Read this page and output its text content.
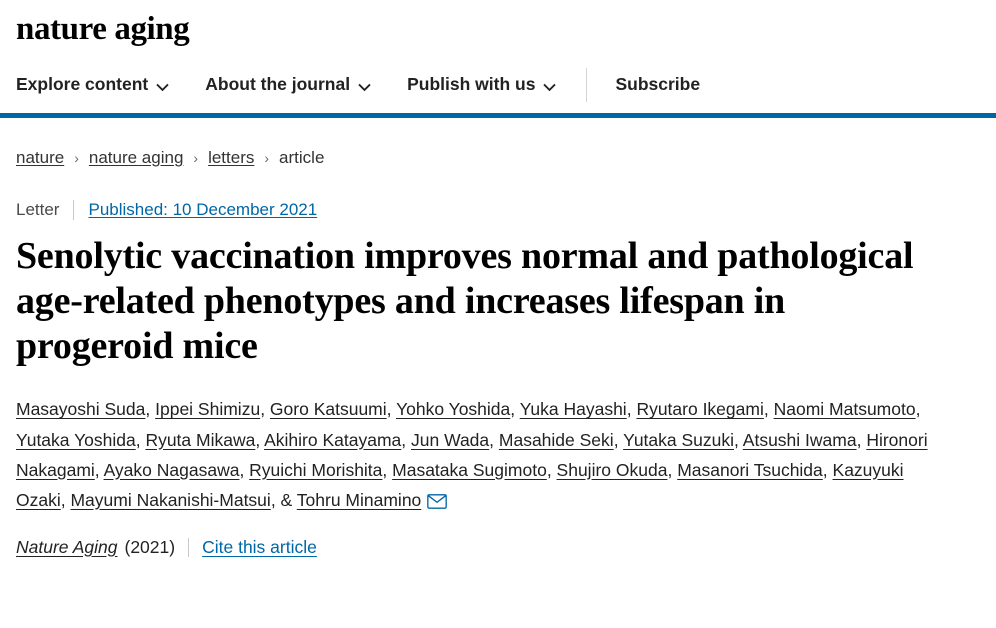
nature aging
Explore content	About the journal	Publish with us	Subscribe
nature › nature aging › letters › article
Letter Published: 10 December 2021
Senolytic vaccination improves normal and pathological age-related phenotypes and increases lifespan in progeroid mice
Masayoshi Suda, Ippei Shimizu, Goro Katsuumi, Yohko Yoshida, Yuka Hayashi, Ryutaro Ikegami, Naomi Matsumoto, Yutaka Yoshida, Ryuta Mikawa, Akihiro Katayama, Jun Wada, Masahide Seki, Yutaka Suzuki, Atsushi Iwama, Hironori Nakagami, Ayako Nagasawa, Ryuichi Morishita, Masataka Sugimoto, Shujiro Okuda, Masanori Tsuchida, Kazuyuki Ozaki, Mayumi Nakanishi-Matsui, & Tohru Minamino
Nature Aging (2021) Cite this article
